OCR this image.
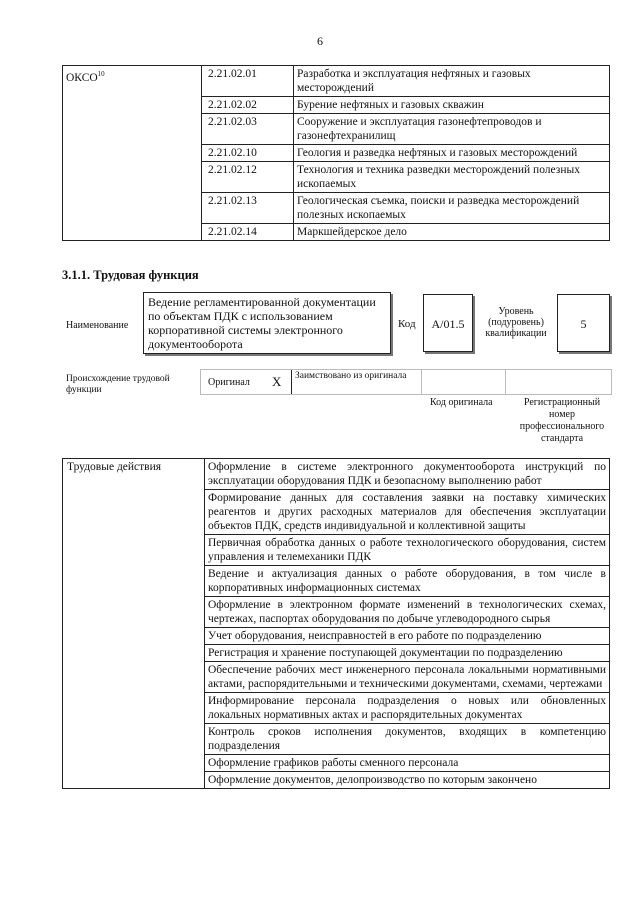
6
ОКСО$^{10}$	2.21.02.01	Разработка и эксплуатация нефтяных и газовых месторождений
	2.21.02.02	Бурение нефтяных и газовых скважин
	2.21.02.03	Сооружение и эксплуатация газонефтепроводов и газонефтехранилищ
	2.21.02.10	Геология и разведка нефтяных и газовых месторождений
	2.21.02.12	Технология и техника разведки месторождений полезных ископаемых
	2.21.02.13	Геологическая съемка, поиски и разведка месторождений полезных ископаемых
	2.21.02.14	Маркшейдерское дело
3.1.1. Трудовая функция
Наименование
Ведение регламентированной документации по объектам ПДК с использованием корпоративной системы электронного документооборота
Код	A/01.5
Уровень (подуровень) квалификации
5
Происхождение трудовой функции
Оригинал X Заимствовано из оригинала
Код оригинала	Регистрационный номер профессионального стандарта
Трудовые действия	Оформление в системе электронного документооборота инструкций по эксплуатации оборудования ПДК и безопасному выполнению работ
Формирование данных для составления заявки на поставку химических реагентов и других расходных материалов для обеспечения эксплуатации объектов ПДК, средств индивидуальной и коллективной защиты
Первичная обработка данных о работе технологического оборудования, систем управления и телемеханики ПДК
Ведение и актуализация данных о работе оборудования, в том числе в корпоративных информационных системах
Оформление в электронном формате изменений в технологических схемах, чертежах, паспортах оборудования по добыче углеводородного сырья
Учет оборудования, неисправностей в его работе по подразделению
Регистрация и хранение поступающей документации по подразделению
Обеспечение рабочих мест инженерного персонала локальными нормативными актами, распорядительными и техническими документами, схемами, чертежами
Информирование персонала подразделения о новых или обновленных локальных нормативных актах и распорядительных документах
Контроль сроков исполнения документов, входящих в компетенцию подразделения
Оформление графиков работы сменного персонала
Оформление документов, делопроизводство по которым закончено
